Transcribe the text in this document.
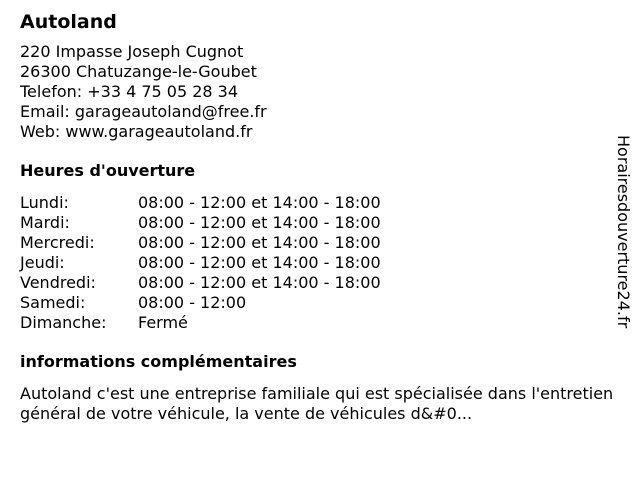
Autoland
220 Impasse Joseph Cugnot
26300 Chatuzange-le-Goubet
Telefon: +33 4 75 05 28 34
Email: garageautoland@free.fr
Web: www.garageautoland.fr
Heures d'ouverture
Lundi:	08:00 - 12:00 et 14:00 - 18:00
Mardi:	08:00 - 12:00 et 14:00 - 18:00
Mercredi:	08:00 - 12:00 et 14:00 - 18:00
Jeudi:	08:00 - 12:00 et 14:00 - 18:00
Vendredi:	08:00 - 12:00 et 14:00 - 18:00
Samedi:	08:00 - 12:00
Dimanche:	Fermé
informations complémentaires
Autoland c'est une entreprise familiale qui est spécialisée dans l'entretien général de votre véhicule, la vente de véhicules d&#0...
Horairesdouverture24.fr
